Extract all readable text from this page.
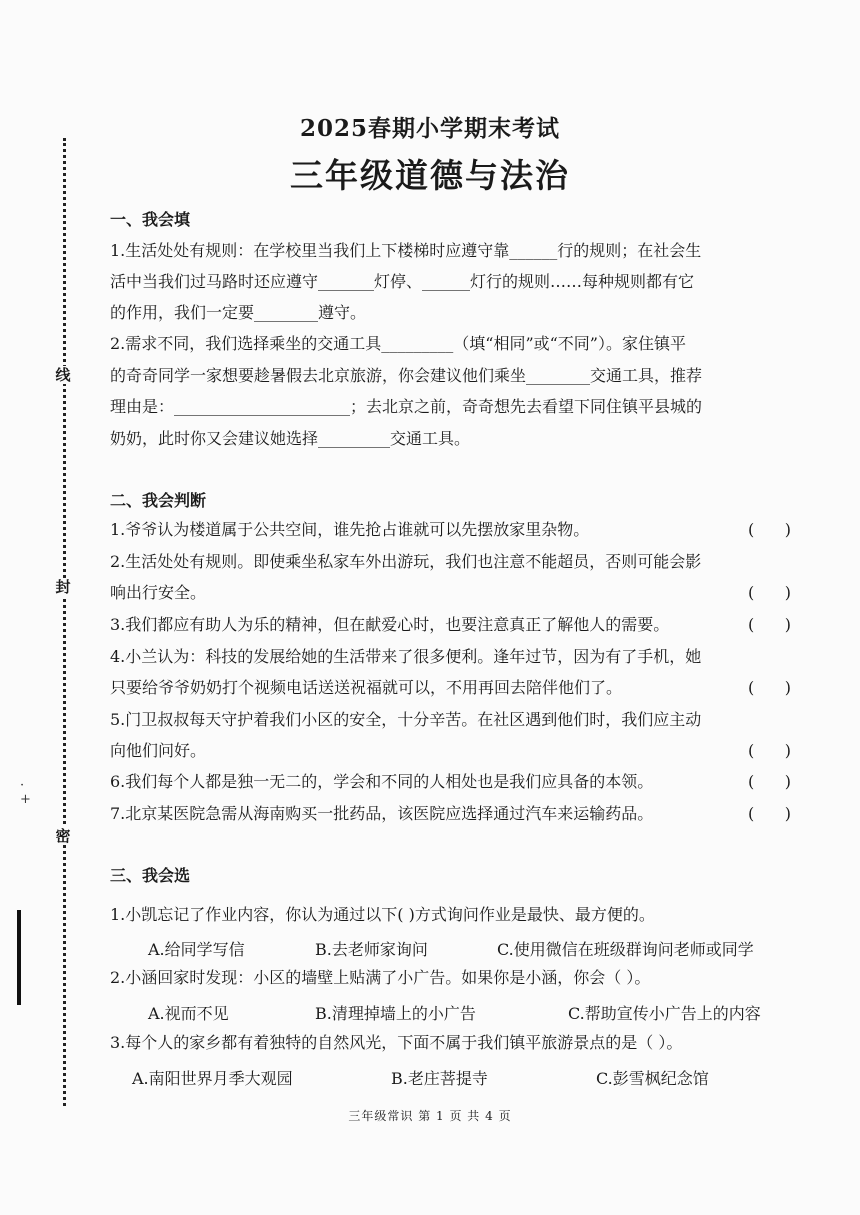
线
封
密
·
+
2025春期小学期末考试
三年级道德与法治
一、我会填
1.生活处处有规则：在学校里当我们上下楼梯时应遵守靠______行的规则；在社会生
活中当我们过马路时还应遵守_______灯停、______灯行的规则……每种规则都有它
的作用，我们一定要________遵守。
2.需求不同，我们选择乘坐的交通工具_________（填“相同”或“不同”）。家住镇平
的奇奇同学一家想要趁暑假去北京旅游，你会建议他们乘坐________交通工具，推荐
理由是：______________________；去北京之前，奇奇想先去看望下同住镇平县城的
奶奶，此时你又会建议她选择_________交通工具。
二、我会判断
1.爷爷认为楼道属于公共空间，谁先抢占谁就可以先摆放家里杂物。	(      )
2.生活处处有规则。即使乘坐私家车外出游玩，我们也注意不能超员，否则可能会影
响出行安全。	(      )
3.我们都应有助人为乐的精神，但在献爱心时，也要注意真正了解他人的需要。	(      )
4.小兰认为：科技的发展给她的生活带来了很多便利。逢年过节，因为有了手机，她
只要给爷爷奶奶打个视频电话送送祝福就可以，不用再回去陪伴他们了。	(      )
5.门卫叔叔每天守护着我们小区的安全，十分辛苦。在社区遇到他们时，我们应主动
向他们问好。	(      )
6.我们每个人都是独一无二的，学会和不同的人相处也是我们应具备的本领。	(      )
7.北京某医院急需从海南购买一批药品，该医院应选择通过汽车来运输药品。	(      )
三、我会选
1.小凯忘记了作业内容，你认为通过以下( )方式询问作业是最快、最方便的。
A.给同学写信	B.去老师家询问	C.使用微信在班级群询问老师或同学
2.小涵回家时发现：小区的墙壁上贴满了小广告。如果你是小涵，你会（ ）。
A.视而不见	B.清理掉墙上的小广告	C.帮助宣传小广告上的内容
3.每个人的家乡都有着独特的自然风光，下面不属于我们镇平旅游景点的是（ ）。
A.南阳世界月季大观园	B.老庄菩提寺	C.彭雪枫纪念馆
三年级常识 第 1 页 共 4 页
